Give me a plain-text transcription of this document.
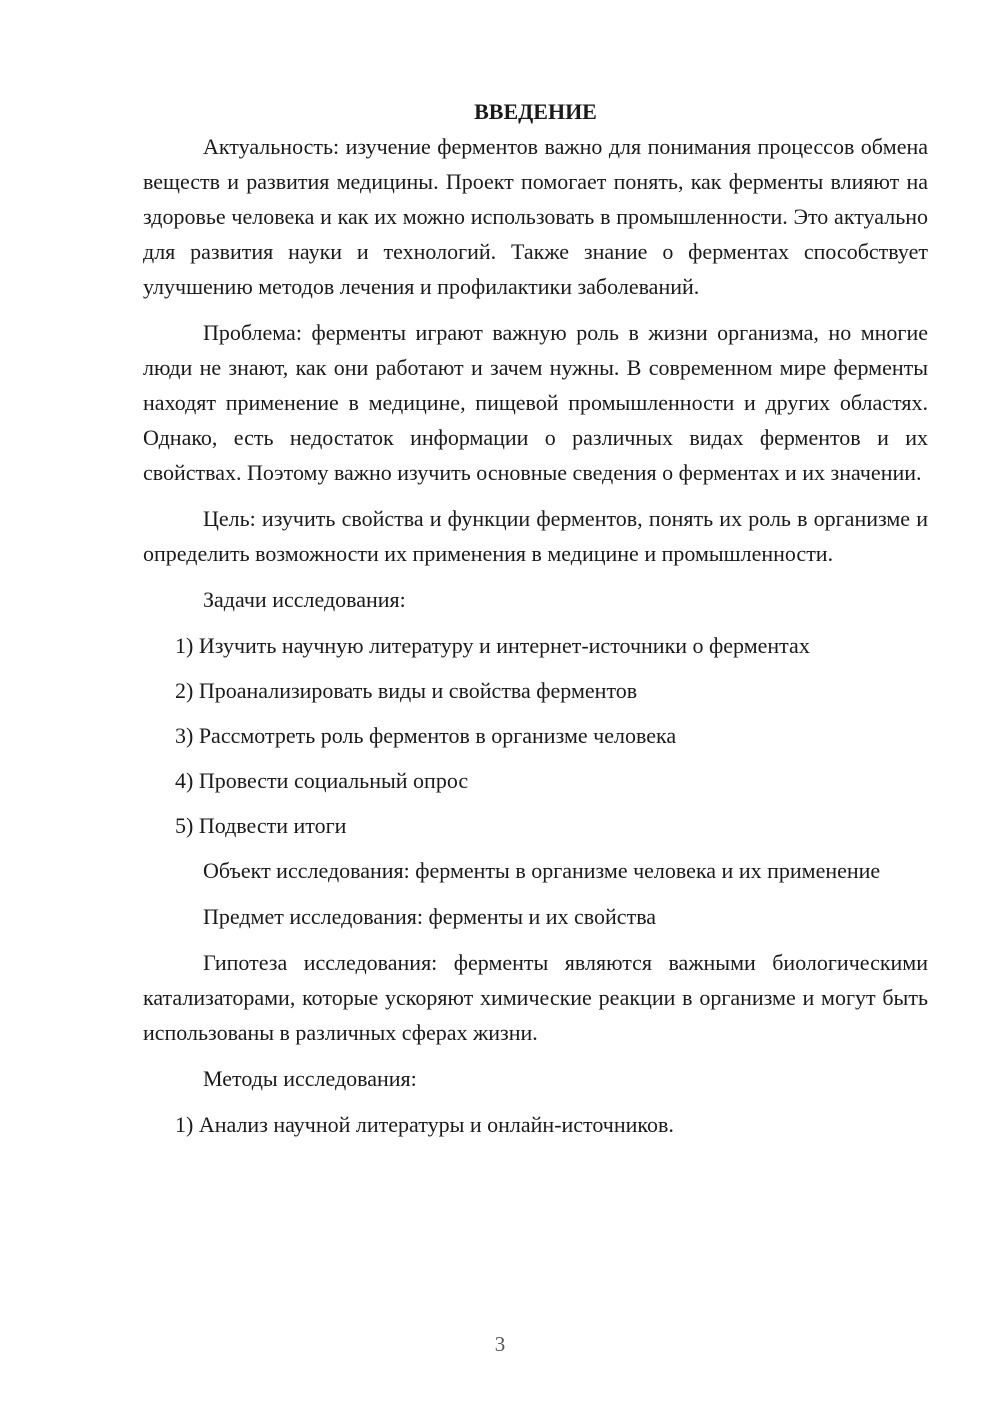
ВВЕДЕНИЕ

Актуальность: изучение ферментов важно для понимания процессов обмена веществ и развития медицины. Проект помогает понять, как ферменты влияют на здоровье человека и как их можно использовать в промышленности. Это актуально для развития науки и технологий. Также знание о ферментах способствует улучшению методов лечения и профилактики заболеваний.

Проблема: ферменты играют важную роль в жизни организма, но многие люди не знают, как они работают и зачем нужны. В современном мире ферменты находят применение в медицине, пищевой промышленности и других областях. Однако, есть недостаток информации о различных видах ферментов и их свойствах. Поэтому важно изучить основные сведения о ферментах и их значении.

Цель: изучить свойства и функции ферментов, понять их роль в организме и определить возможности их применения в медицине и промышленности.

Задачи исследования:

1) Изучить научную литературу и интернет-источники о ферментах
2) Проанализировать виды и свойства ферментов
3) Рассмотреть роль ферментов в организме человека
4) Провести социальный опрос
5) Подвести итоги

Объект исследования: ферменты в организме человека и их применение

Предмет исследования: ферменты и их свойства

Гипотеза исследования: ферменты являются важными биологическими катализаторами, которые ускоряют химические реакции в организме и могут быть использованы в различных сферах жизни.

Методы исследования:

1) Анализ научной литературы и онлайн-источников.
3
